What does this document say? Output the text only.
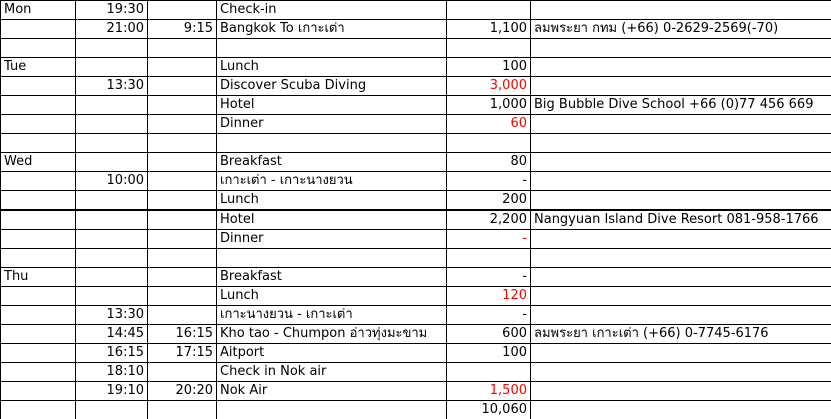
Mon	19:30		Check-in		
	21:00	9:15	Bangkok To เกาะเต่า	1,100	ลมพระยา กทม (+66) 0-2629-2569(-70)

Tue			Lunch	100	
	13:30		Discover Scuba Diving	3,000	
			Hotel	1,000	Big Bubble Dive School +66 (0)77 456 669
			Dinner	60	

Wed			Breakfast	80	
	10:00		เกาะเต่า - เกาะนางยวน	-	
			Lunch	200	
			Hotel	2,200	Nangyuan Island Dive Resort 081-958-1766
			Dinner	-	

Thu			Breakfast	-	
			Lunch	120	
	13:30		เกาะนางยวน - เกาะเต่า	-	
	14:45	16:15	Kho tao - Chumpon อ่าวทุ่งมะขาม	600	ลมพระยา เกาะเต่า (+66) 0-7745-6176
	16:15	17:15	Aitport	100	
	18:10		Check in Nok air		
	19:10	20:20	Nok Air	1,500	
				10,060	
